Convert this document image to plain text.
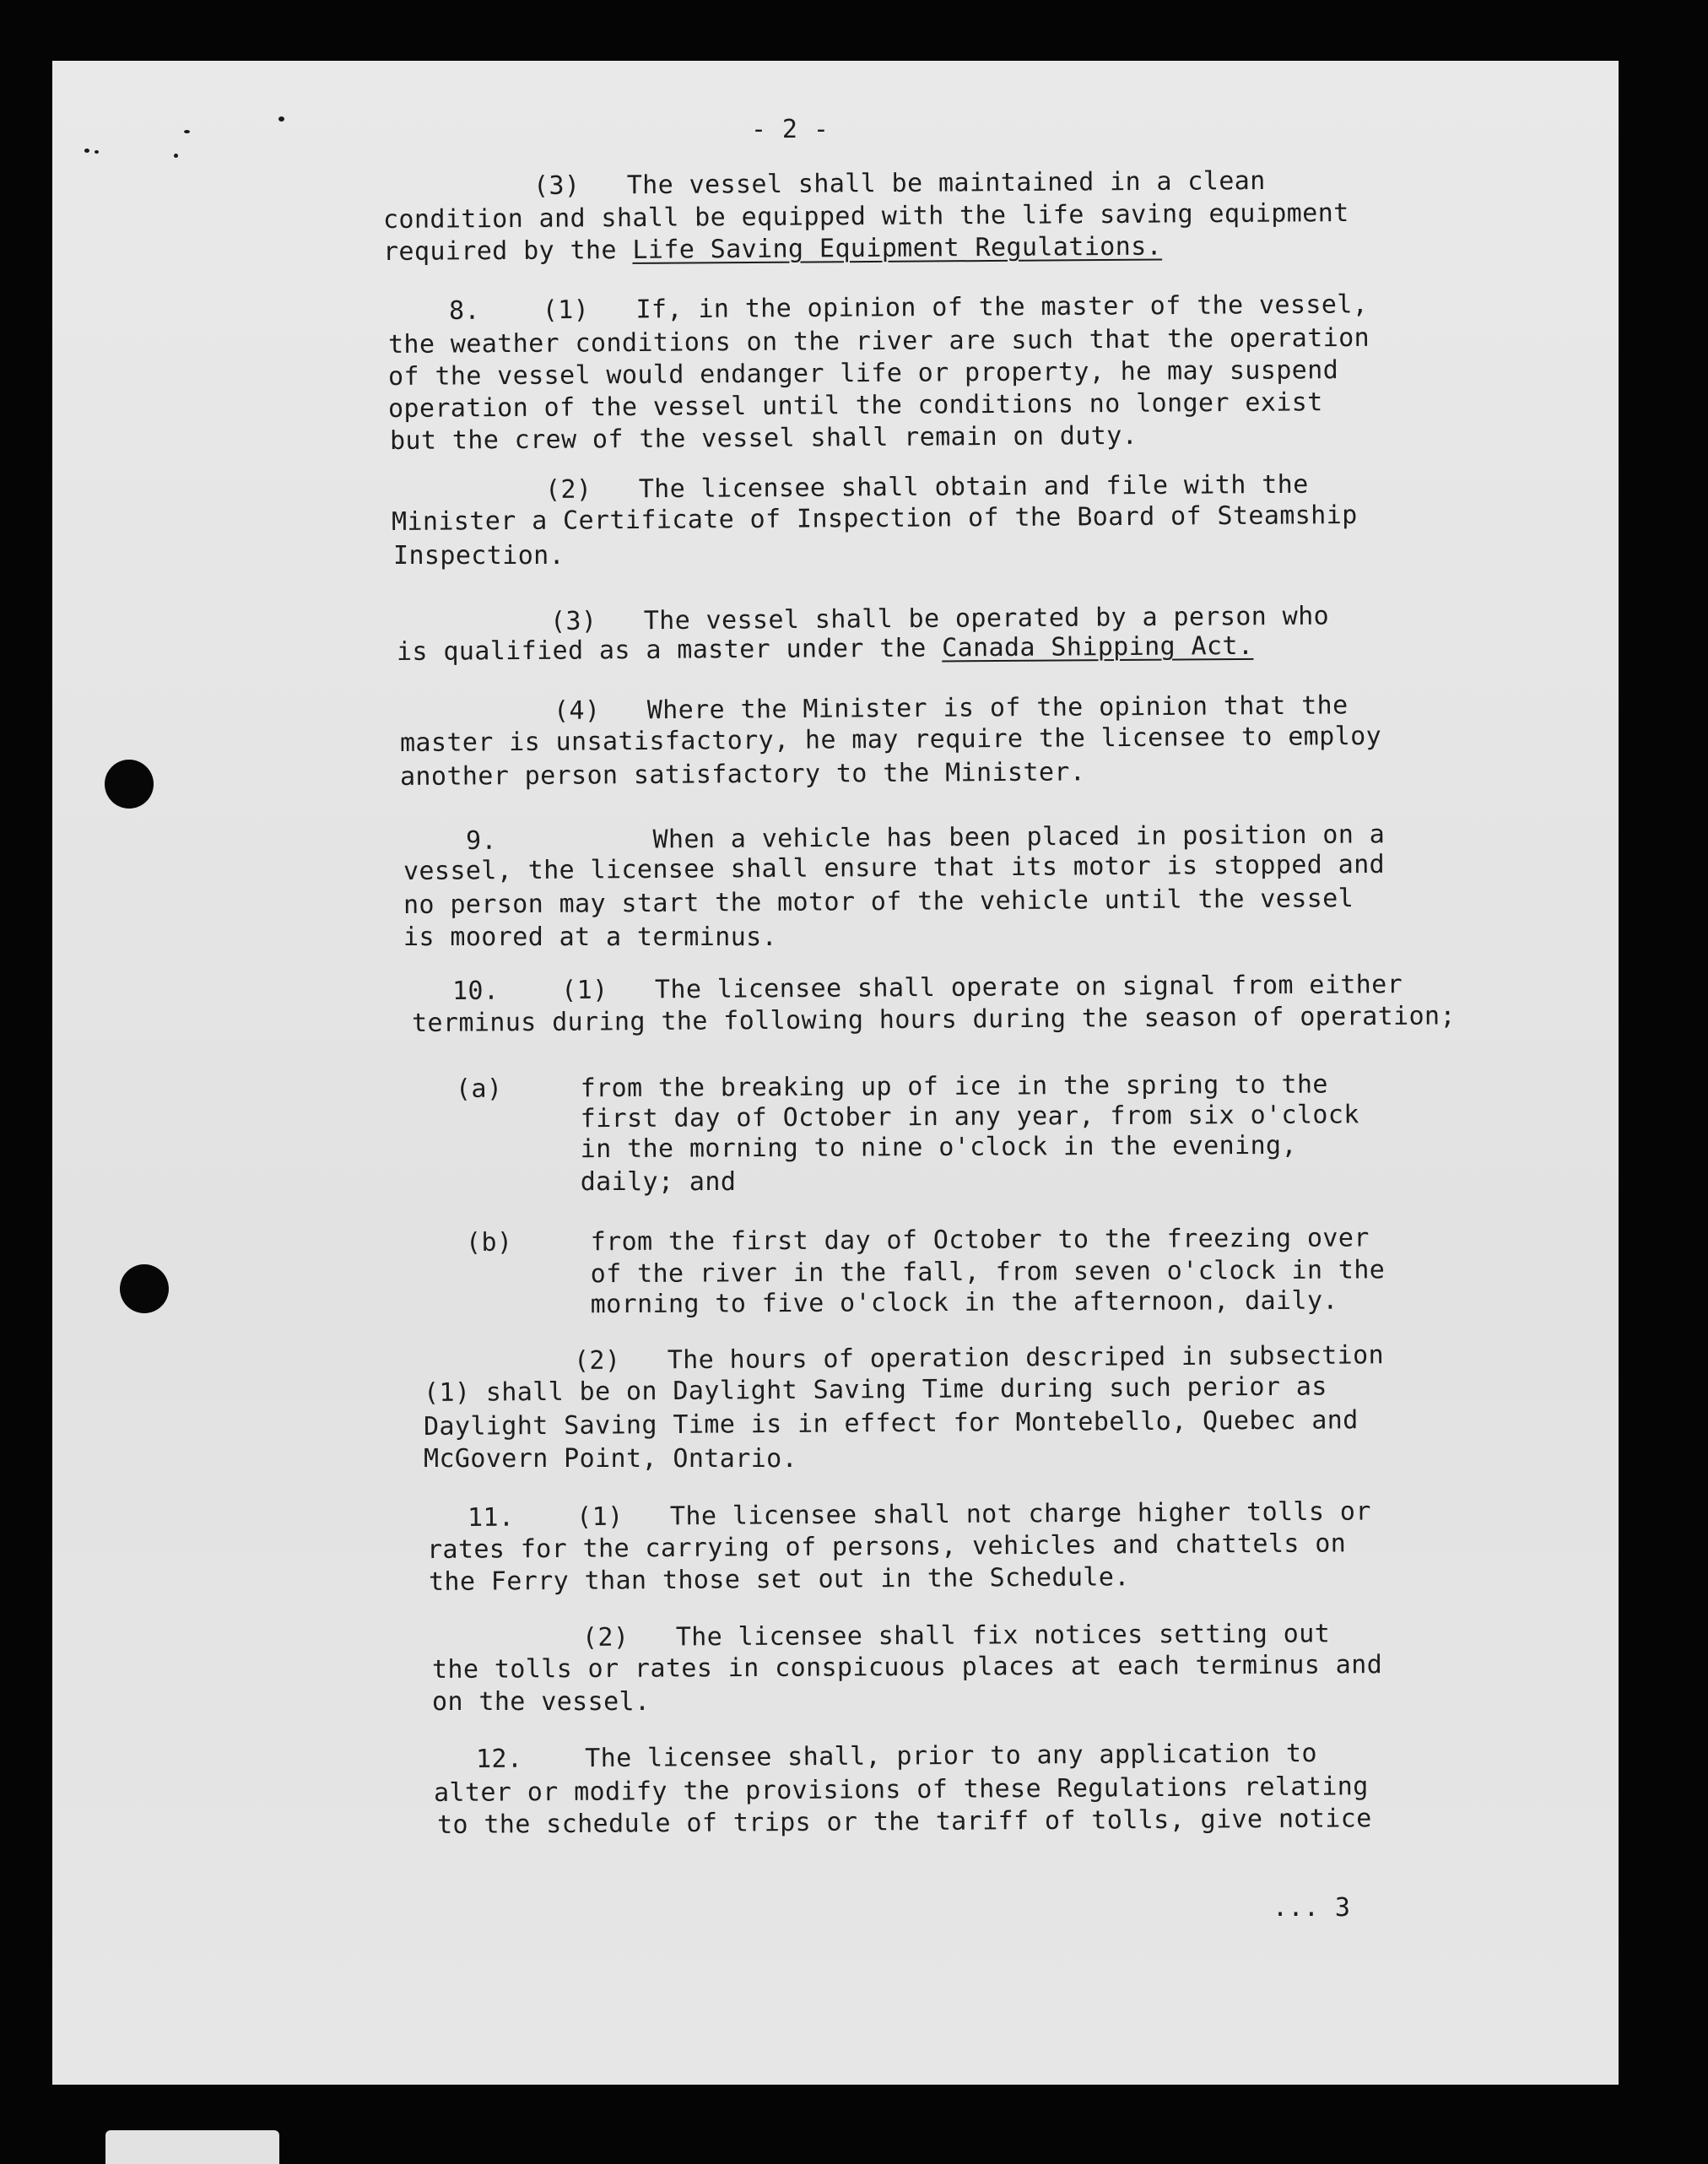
- 2 -
(3)   The vessel shall be maintained in a clean
condition and shall be equipped with the life saving equipment
required by the Life Saving Equipment Regulations.
8.    (1)   If, in the opinion of the master of the vessel,
the weather conditions on the river are such that the operation
of the vessel would endanger life or property, he may suspend
operation of the vessel until the conditions no longer exist
but the crew of the vessel shall remain on duty.
(2)   The licensee shall obtain and file with the
Minister a Certificate of Inspection of the Board of Steamship
Inspection.
(3)   The vessel shall be operated by a person who
is qualified as a master under the Canada Shipping Act.
(4)   Where the Minister is of the opinion that the
master is unsatisfactory, he may require the licensee to employ
another person satisfactory to the Minister.
9.          When a vehicle has been placed in position on a
vessel, the licensee shall ensure that its motor is stopped and
no person may start the motor of the vehicle until the vessel
is moored at a terminus.
10.    (1)   The licensee shall operate on signal from either
terminus during the following hours during the season of operation;
(a)     from the breaking up of ice in the spring to the
first day of October in any year, from six o'clock
in the morning to nine o'clock in the evening,
daily; and
(b)     from the first day of October to the freezing over
of the river in the fall, from seven o'clock in the
morning to five o'clock in the afternoon, daily.
(2)   The hours of operation descriped in subsection
(1) shall be on Daylight Saving Time during such perior as
Daylight Saving Time is in effect for Montebello, Quebec and
McGovern Point, Ontario.
11.    (1)   The licensee shall not charge higher tolls or
rates for the carrying of persons, vehicles and chattels on
the Ferry than those set out in the Schedule.
(2)   The licensee shall fix notices setting out
the tolls or rates in conspicuous places at each terminus and
on the vessel.
12.    The licensee shall, prior to any application to
alter or modify the provisions of these Regulations relating
to the schedule of trips or the tariff of tolls, give notice
... 3
